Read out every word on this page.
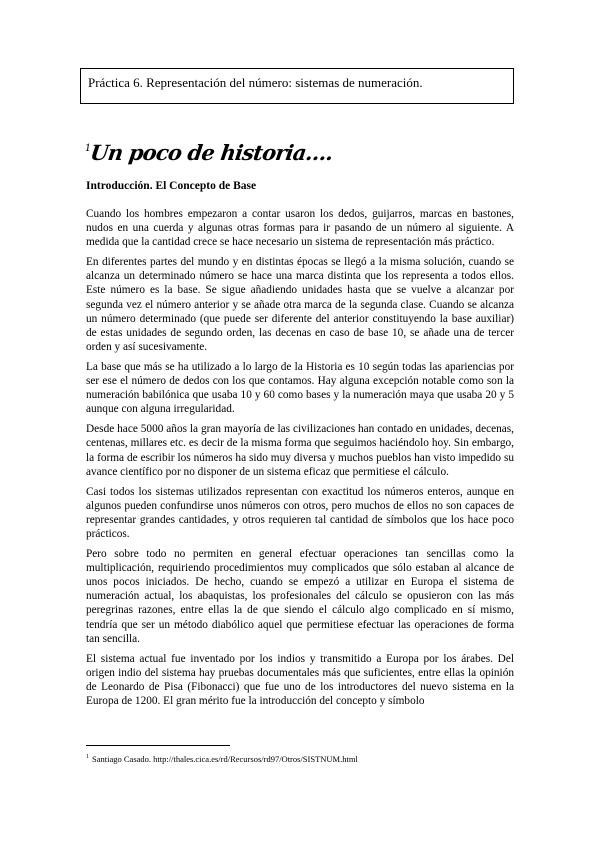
Práctica 6. Representación del número: sistemas de numeración.
$^1$Un poco de historia….
Introducción. El Concepto de Base

Cuando los hombres empezaron a contar usaron los dedos, guijarros, marcas en bastones, nudos en una cuerda y algunas otras formas para ir pasando de un número al siguiente. A medida que la cantidad crece se hace necesario un sistema de representación más práctico.

En diferentes partes del mundo y en distintas épocas se llegó a la misma solución, cuando se alcanza un determinado número se hace una marca distinta que los representa a todos ellos. Este número es la base. Se sigue añadiendo unidades hasta que se vuelve a alcanzar por segunda vez el número anterior y se añade otra marca de la segunda clase. Cuando se alcanza un número determinado (que puede ser diferente del anterior constituyendo la base auxiliar) de estas unidades de segundo orden, las decenas en caso de base 10, se añade una de tercer orden y así sucesivamente.

La base que más se ha utilizado a lo largo de la Historia es 10 según todas las apariencias por ser ese el número de dedos con los que contamos. Hay alguna excepción notable como son la numeración babilónica que usaba 10 y 60 como bases y la numeración maya que usaba 20 y 5 aunque con alguna irregularidad.

Desde hace 5000 años la gran mayoría de las civilizaciones han contado en unidades, decenas, centenas, millares etc. es decir de la misma forma que seguimos haciéndolo hoy. Sin embargo, la forma de escribir los números ha sido muy diversa y muchos pueblos han visto impedido su avance científico por no disponer de un sistema eficaz que permitiese el cálculo.

Casi todos los sistemas utilizados representan con exactitud los números enteros, aunque en algunos pueden confundirse unos números con otros, pero muchos de ellos no son capaces de representar grandes cantidades, y otros requieren tal cantidad de símbolos que los hace poco prácticos.

Pero sobre todo no permiten en general efectuar operaciones tan sencillas como la multiplicación, requiriendo procedimientos muy complicados que sólo estaban al alcance de unos pocos iniciados. De hecho, cuando se empezó a utilizar en Europa el sistema de numeración actual, los abaquistas, los profesionales del cálculo se opusieron con las más peregrinas razones, entre ellas la de que siendo el cálculo algo complicado en sí mismo, tendría que ser un método diabólico aquel que permitiese efectuar las operaciones de forma tan sencilla.

El sistema actual fue inventado por los indios y transmitido a Europa por los árabes. Del origen indio del sistema hay pruebas documentales más que suficientes, entre ellas la opinión de Leonardo de Pisa (Fibonacci) que fue uno de los introductores del nuevo sistema en la Europa de 1200. El gran mérito fue la introducción del concepto y símbolo

$^1$ Santiago Casado. http://thales.cica.es/rd/Recursos/rd97/Otros/SISTNUM.html
